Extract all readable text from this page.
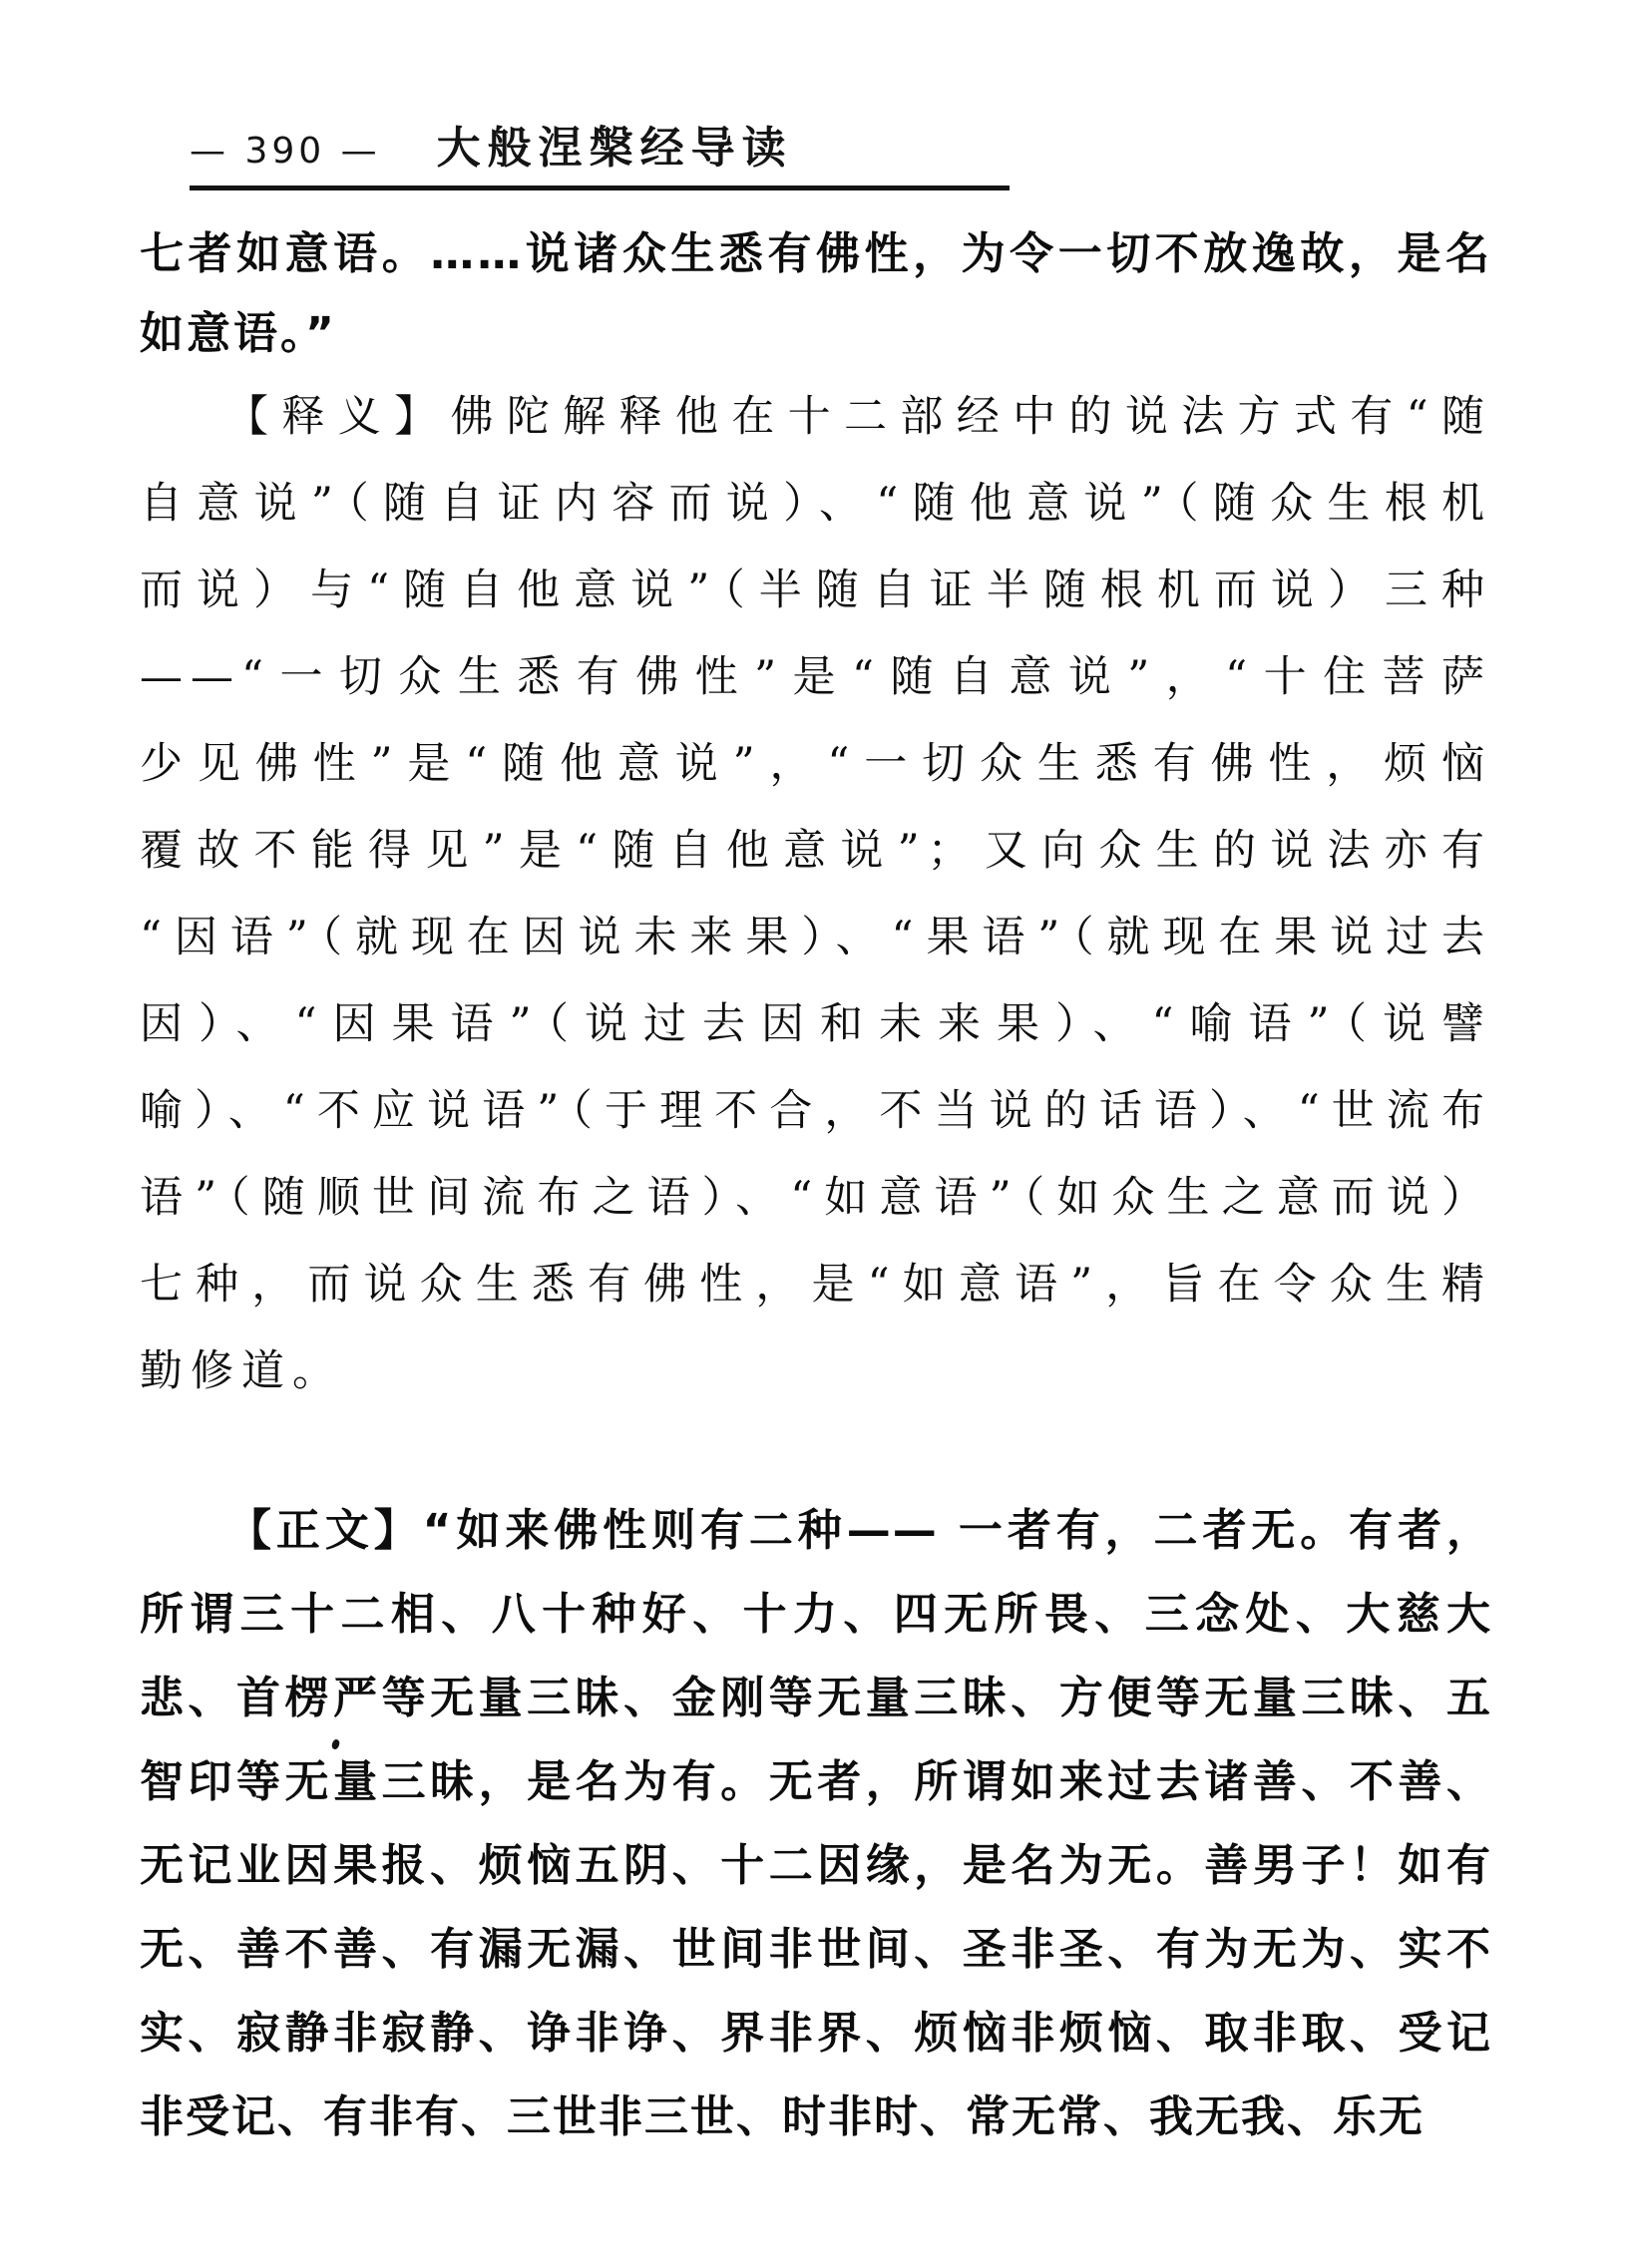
— 390 — 大般涅槃经导读
七者如意语。……说诸众生悉有佛性，为令一切不放逸故，是名
如意语。”
【释义】佛陀解释他在十二部经中的说法方式有“随
自意说”（随自证内容而说）、“随他意说”（随众生根机
而说）与“随自他意说”（半随自证半随根机而说）三种
——“一切众生悉有佛性”是“随自意说”，“十住菩萨
少见佛性”是“随他意说”，“一切众生悉有佛性，烦恼
覆故不能得见”是“随自他意说”；又向众生的说法亦有
“因语”（就现在因说未来果）、“果语”（就现在果说过去
因）、“因果语”（说过去因和未来果）、“喻语”（说譬
喻）、“不应说语”（于理不合，不当说的话语）、“世流布
语”（随顺世间流布之语）、“如意语”（如众生之意而说）
七种，而说众生悉有佛性，是“如意语”，旨在令众生精
勤修道。
【正文】“如来佛性则有二种—— 一者有，二者无。有者，
所谓三十二相、八十种好、十力、四无所畏、三念处、大慈大
悲、首楞严等无量三昧、金刚等无量三昧、方便等无量三昧、五
智印等无量三昧，是名为有。无者，所谓如来过去诸善、不善、
无记业因果报、烦恼五阴、十二因缘，是名为无。善男子！如有
无、善不善、有漏无漏、世间非世间、圣非圣、有为无为、实不
实、寂静非寂静、诤非诤、界非界、烦恼非烦恼、取非取、受记
非受记、有非有、三世非三世、时非时、常无常、我无我、乐无
